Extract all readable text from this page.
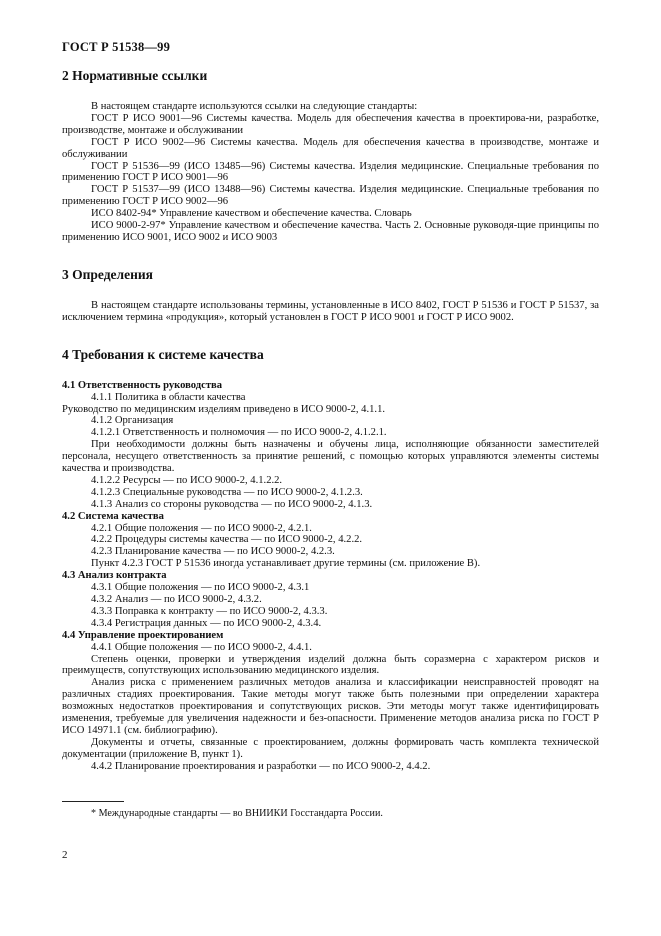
ГОСТ Р 51538—99
2 Нормативные ссылки

В настоящем стандарте используются ссылки на следующие стандарты:

ГОСТ Р ИСО 9001—96 Системы качества. Модель для обеспечения качества в проектирова-ни, разработке, производстве, монтаже и обслуживании

ГОСТ Р ИСО 9002—96 Системы качества. Модель для обеспечения качества в производстве, монтаже и обслуживании

ГОСТ Р 51536—99 (ИСО 13485—96) Системы качества. Изделия медицинские. Специальные требования по применению ГОСТ Р ИСО 9001—96

ГОСТ Р 51537—99 (ИСО 13488—96) Системы качества. Изделия медицинские. Специальные требования по применению ГОСТ Р ИСО 9002—96

ИСО 8402-94* Управление качеством и обеспечение качества. Словарь

ИСО 9000-2-97* Управление качеством и обеспечение качества. Часть 2. Основные руководя-щие принципы по применению ИСО 9001, ИСО 9002 и ИСО 9003

3 Определения

В настоящем стандарте использованы термины, установленные в ИСО 8402, ГОСТ Р 51536 и ГОСТ Р 51537, за исключением термина «продукция», который установлен в ГОСТ Р ИСО 9001 и ГОСТ Р ИСО 9002.

4 Требования к системе качества

4.1 Ответственность руководства

4.1.1 Политика в области качества

Руководство по медицинским изделиям приведено в ИСО 9000-2, 4.1.1.

4.1.2 Организация

4.1.2.1 Ответственность и полномочия — по ИСО 9000-2, 4.1.2.1.

При необходимости должны быть назначены и обучены лица, исполняющие обязанности заместителей персонала, несущего ответственность за принятие решений, с помощью которых управляются элементы системы качества и производства.

4.1.2.2 Ресурсы — по ИСО 9000-2, 4.1.2.2.

4.1.2.3 Специальные руководства — по ИСО 9000-2, 4.1.2.3.

4.1.3 Анализ со стороны руководства — по ИСО 9000-2, 4.1.3.

4.2 Система качества

4.2.1 Общие положения — по ИСО 9000-2, 4.2.1.

4.2.2 Процедуры системы качества — по ИСО 9000-2, 4.2.2.

4.2.3 Планирование качества — по ИСО 9000-2, 4.2.3.

Пункт 4.2.3 ГОСТ Р 51536 иногда устанавливает другие термины (см. приложение В).

4.3 Анализ контракта

4.3.1 Общие положения — по ИСО 9000-2, 4.3.1

4.3.2 Анализ — по ИСО 9000-2, 4.3.2.

4.3.3 Поправка к контракту — по ИСО 9000-2, 4.3.3.

4.3.4 Регистрация данных — по ИСО 9000-2, 4.3.4.

4.4 Управление проектированием

4.4.1 Общие положения — по ИСО 9000-2, 4.4.1.

Степень оценки, проверки и утверждения изделий должна быть соразмерна с характером рисков и преимуществ, сопутствующих использованию медицинского изделия.

Анализ риска с применением различных методов анализа и классификации неисправностей проводят на различных стадиях проектирования. Такие методы могут также быть полезными при определении характера возможных недостатков проектирования и сопутствующих рисков. Эти методы могут также идентифицировать изменения, требуемые для увеличения надежности и без-опасности. Применение методов анализа риска по ГОСТ Р ИСО 14971.1 (см. библиографию).

Документы и отчеты, связанные с проектированием, должны формировать часть комплекта технической документации (приложение В, пункт 1).

4.4.2 Планирование проектирования и разработки — по ИСО 9000-2, 4.4.2.

* Международные стандарты — во ВНИИКИ Госстандарта России.
2
